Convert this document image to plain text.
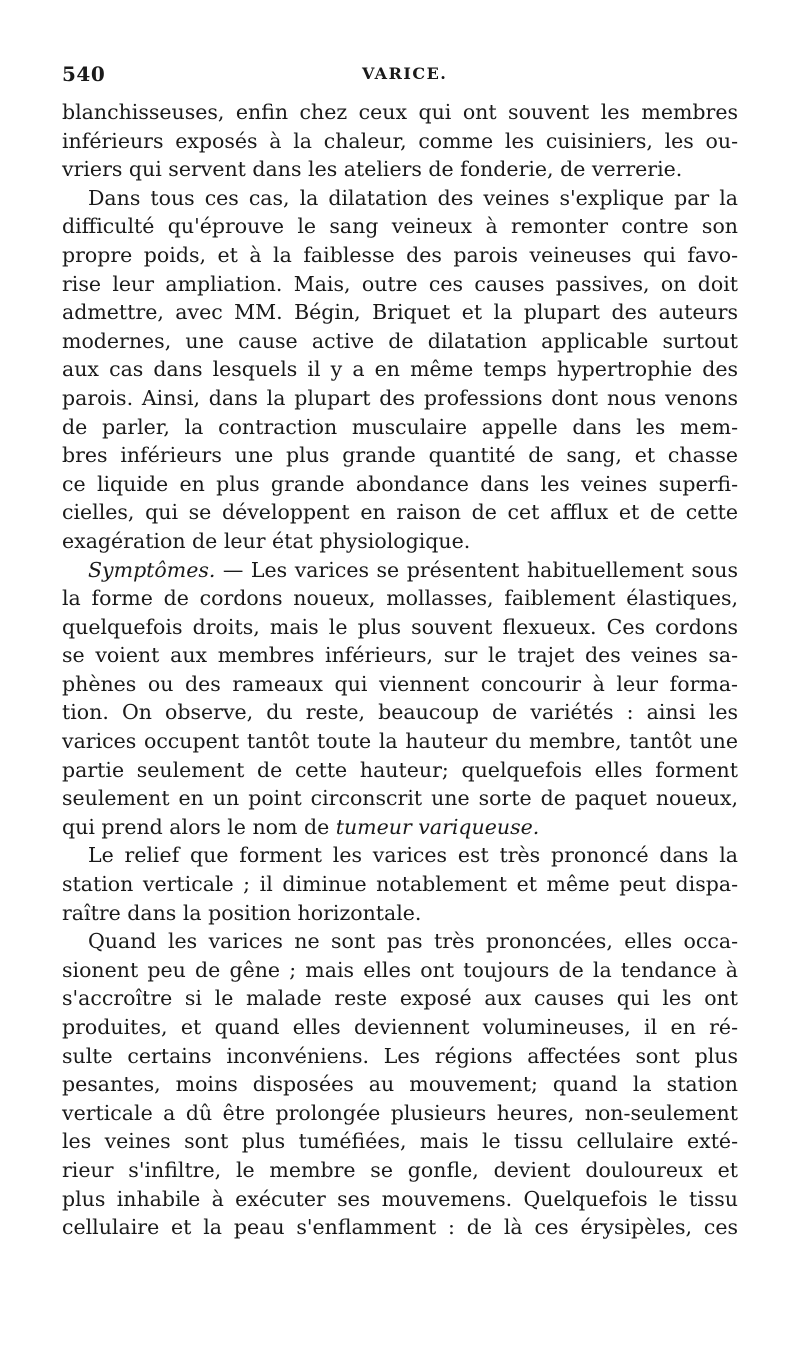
540	VARICE.
blanchisseuses, enfin chez ceux qui ont souvent les membres
inférieurs exposés à la chaleur, comme les cuisiniers, les ou-
vriers qui servent dans les ateliers de fonderie, de verrerie.
Dans tous ces cas, la dilatation des veines s'explique par la
difficulté qu'éprouve le sang veineux à remonter contre son
propre poids, et à la faiblesse des parois veineuses qui favo-
rise leur ampliation. Mais, outre ces causes passives, on doit
admettre, avec MM. Bégin, Briquet et la plupart des auteurs
modernes, une cause active de dilatation applicable surtout
aux cas dans lesquels il y a en même temps hypertrophie des
parois. Ainsi, dans la plupart des professions dont nous venons
de parler, la contraction musculaire appelle dans les mem-
bres inférieurs une plus grande quantité de sang, et chasse
ce liquide en plus grande abondance dans les veines superfi-
cielles, qui se développent en raison de cet afflux et de cette
exagération de leur état physiologique.
Symptômes. — Les varices se présentent habituellement sous
la forme de cordons noueux, mollasses, faiblement élastiques,
quelquefois droits, mais le plus souvent flexueux. Ces cordons
se voient aux membres inférieurs, sur le trajet des veines sa-
phènes ou des rameaux qui viennent concourir à leur forma-
tion. On observe, du reste, beaucoup de variétés : ainsi les
varices occupent tantôt toute la hauteur du membre, tantôt une
partie seulement de cette hauteur; quelquefois elles forment
seulement en un point circonscrit une sorte de paquet noueux,
qui prend alors le nom de tumeur variqueuse.
Le relief que forment les varices est très prononcé dans la
station verticale ; il diminue notablement et même peut dispa-
raître dans la position horizontale.
Quand les varices ne sont pas très prononcées, elles occa-
sionent peu de gêne ; mais elles ont toujours de la tendance à
s'accroître si le malade reste exposé aux causes qui les ont
produites, et quand elles deviennent volumineuses, il en ré-
sulte certains inconvéniens. Les régions affectées sont plus
pesantes, moins disposées au mouvement; quand la station
verticale a dû être prolongée plusieurs heures, non-seulement
les veines sont plus tuméfiées, mais le tissu cellulaire exté-
rieur s'infiltre, le membre se gonfle, devient douloureux et
plus inhabile à exécuter ses mouvemens. Quelquefois le tissu
cellulaire et la peau s'enflamment : de là ces érysipèles, ces
